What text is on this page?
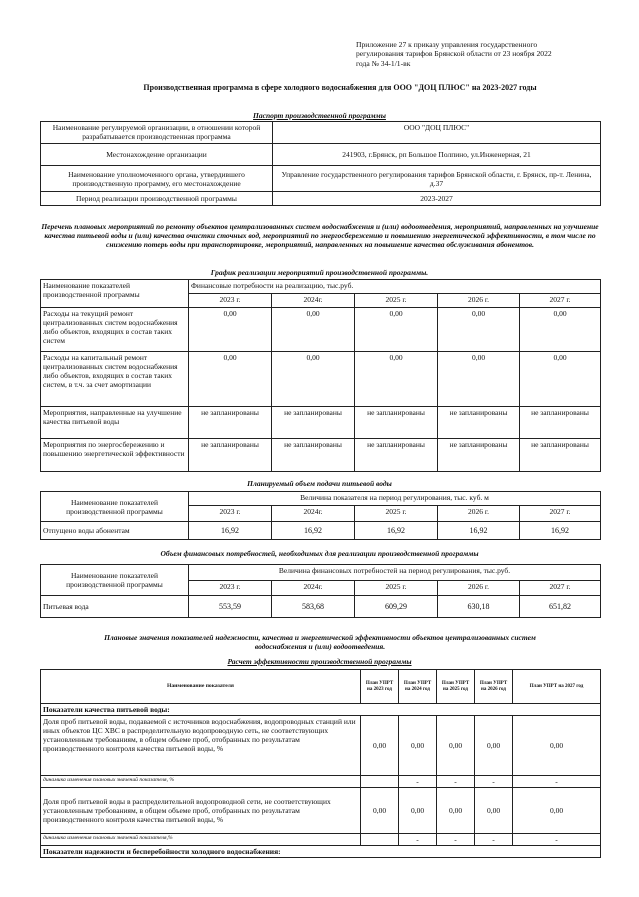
Приложение 27 к приказу управления государственного
регулирования тарифов Брянской области от 23 ноября 2022
года № 34-1/1-вк
Производственная программа в сфере холодного водоснабжения для ООО "ДОЦ ПЛЮС" на 2023-2027 годы
Паспорт производственной программы
Наименование регулируемой организации, в отношении которой разрабатывается производственная программа	ООО "ДОЦ ПЛЮС"
Местонахождение организации	241903, г.Брянск, рп Большое Полпино, ул.Инженерная, 21
Наименование уполномоченного органа, утвердившего производственную программу, его местонахождение	Управление государственного регулирования тарифов Брянской области, г. Брянск, пр-т. Ленина, д.37
Период реализации производственной программы	2023-2027
Перечень плановых мероприятий по ремонту объектов централизованных систем водоснабжения и (или) водоотведения, мероприятий, направленных на улучшение качества питьевой воды и (или) качества очистки сточных вод, мероприятий по энергосбережению и повышению энергетической эффективности, в том числе по снижению потерь воды при транспортировке, мероприятий, направленных на повышение качества обслуживания абонентов.
График реализации мероприятий производственной программы.
Наименование показателей производственной программы	Финансовые потребности на реализацию, тыс.руб.				
	2023 г.	2024г.	2025 г.	2026 г.	2027 г.
Расходы на текущий ремонт централизованных систем водоснабжения либо объектов, входящих в состав таких систем	0,00	0,00	0,00	0,00	0,00
Расходы на капитальный ремонт централизованных систем водоснабжения либо объектов, входящих в состав таких систем, в т.ч. за счет амортизации	0,00	0,00	0,00	0,00	0,00
Мероприятия, направленные на улучшение качества питьевой воды	не запланированы	не запланированы	не запланированы	не запланированы	не запланированы
Мероприятия по энергосбережению и повышению энергетической эффективности	не запланированы	не запланированы	не запланированы	не запланированы	не запланированы
Планируемый объем подачи питьевой воды
Наименование показателей производственной программы	Величина показателя на период регулирования, тыс. куб. м				
	2023 г.	2024г.	2025 г.	2026 г.	2027 г.
Отпущено воды абонентам	16,92	16,92	16,92	16,92	16,92
Объем финансовых потребностей, необходимых для реализации производственной программы
Наименование показателей производственной программы	Величина финансовых потребностей на период регулирования, тыс.руб.				
	2023 г.	2024г.	2025 г.	2026 г.	2027 г.
Питьевая вода	553,59	583,68	609,29	630,18	651,82
Плановые значения показателей надежности, качества и энергетической эффективности объектов централизованных систем водоснабжения и (или) водоотведения.
Расчет эффективности производственной программы
Наименование показателя	План УПРТ на 2023 год	План УПРТ на 2024 год	План УПРТ на 2025 год	План УПРТ на 2026 год	План УПРТ на 2027 год
Показатели качества питьевой воды:					
Доля проб питьевой воды, подаваемой с источников водоснабжения, водопроводных станций или иных объектов ЦС ХВС в распределительную водопроводную сеть, не соответствующих установленным требованиям, в общем объеме проб, отобранных по результатам производственного контроля качества питьевой воды, %	0,00	0,00	0,00	0,00	0,00
динамика изменения плановых значений показателя, %		-	-	-	-
Доля проб питьевой воды в распределительной водопроводной сети, не соответствующих установленным требованиям, в общем объеме проб, отобранных по результатам производственного контроля качества питьевой воды, %	0,00	0,00	0,00	0,00	0,00
динамика изменения плановых значений показателя,%		-	-	-	-
Показатели надежности и бесперебойности холодного водоснабжения:					
